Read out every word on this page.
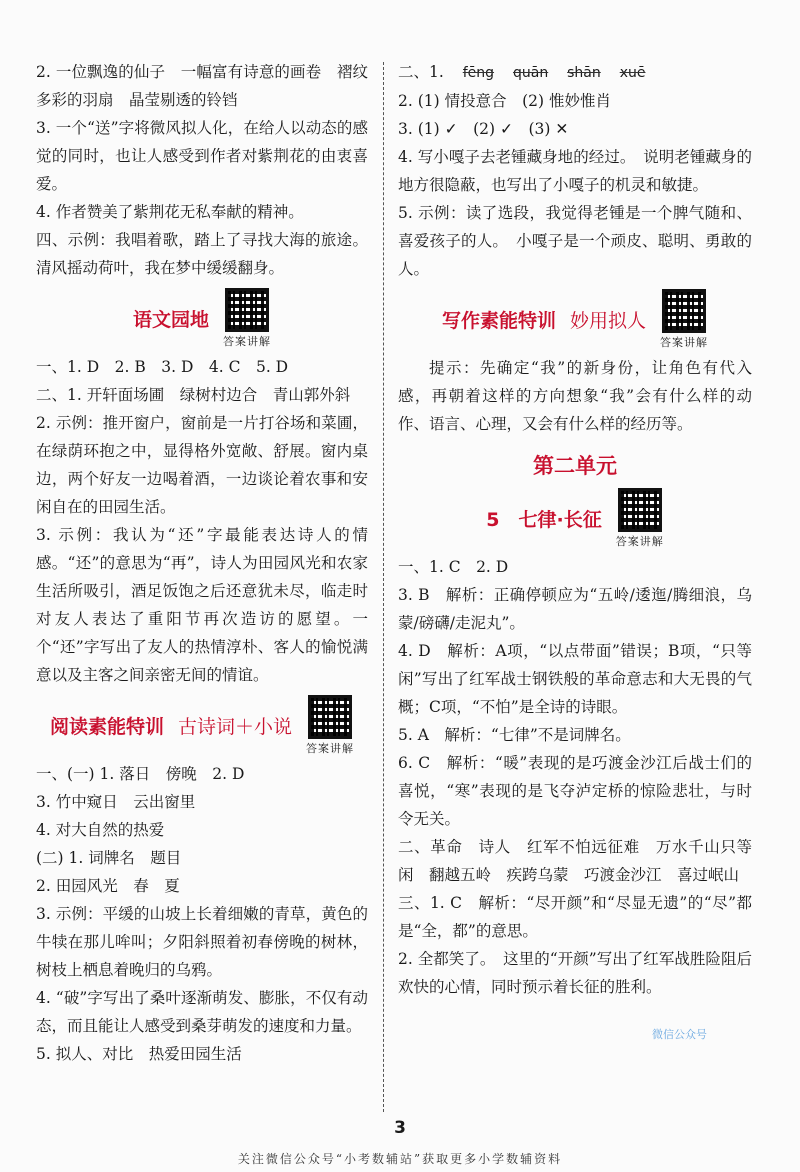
2. 一位飘逸的仙子　一幅富有诗意的画卷　褶纹多彩的羽扇　晶莹剔透的铃铛

3. 一个“送”字将微风拟人化，在给人以动态的感觉的同时，也让人感受到作者对紫荆花的由衷喜爱。

4. 作者赞美了紫荆花无私奉献的精神。

四、示例：我唱着歌，踏上了寻找大海的旅途。清风摇动荷叶，我在梦中缓缓翻身。

语文园地
答案讲解

一、1. D　2. B　3. D　4. C　5. D

二、1. 开轩面场圃　绿树村边合　青山郭外斜

2. 示例：推开窗户，窗前是一片打谷场和菜圃，在绿荫环抱之中，显得格外宽敞、舒展。窗内桌边，两个好友一边喝着酒，一边谈论着农事和安闲自在的田园生活。

3. 示例：我认为“还”字最能表达诗人的情感。“还”的意思为“再”，诗人为田园风光和农家生活所吸引，酒足饭饱之后还意犹未尽，临走时对友人表达了重阳节再次造访的愿望。一个“还”字写出了友人的热情淳朴、客人的愉悦满意以及主客之间亲密无间的情谊。

阅读素能特训 古诗词＋小说
答案讲解

一、(一) 1. 落日　傍晚　2. D

3. 竹中窥日　云出窗里

4. 对大自然的热爱

(二) 1. 词牌名　题目

2. 田园风光　春　夏

3. 示例：平缓的山坡上长着细嫩的青草，黄色的牛犊在那儿哞叫；夕阳斜照着初春傍晚的树林，树枝上栖息着晚归的乌鸦。

4. “破”字写出了桑叶逐渐萌发、膨胀，不仅有动态，而且能让人感受到桑芽萌发的速度和力量。

5. 拟人、对比　热爱田园生活

二、1. fēng quān shān xuē

2. (1) 情投意合　(2) 惟妙惟肖

3. (1) ✓　(2) ✓　(3) ✕

4. 写小嘎子去老锺藏身地的经过。　说明老锺藏身的地方很隐蔽，也写出了小嘎子的机灵和敏捷。

5. 示例：读了选段，我觉得老锺是一个脾气随和、喜爱孩子的人。　小嘎子是一个顽皮、聪明、勇敢的人。

写作素能特训 妙用拟人
答案讲解

提示：先确定“我”的新身份，让角色有代入感，再朝着这样的方向想象“我”会有什么样的动作、语言、心理，又会有什么样的经历等。

第二单元
5　七律·长征
答案讲解

一、1. C　2. D

3. B　解析：正确停顿应为“五岭/逶迤/腾细浪，乌蒙/磅礴/走泥丸”。

4. D　解析：A项，“以点带面”错误；B项，“只等闲”写出了红军战士钢铁般的革命意志和大无畏的气概；C项，“不怕”是全诗的诗眼。

5. A　解析：“七律”不是词牌名。

6. C　解析：“暖”表现的是巧渡金沙江后战士们的喜悦，“寒”表现的是飞夺泸定桥的惊险悲壮，与时令无关。

二、革命　诗人　红军不怕远征难　万水千山只等闲　翻越五岭　疾跨乌蒙　巧渡金沙江　喜过岷山

三、1. C　解析：“尽开颜”和“尽显无遗”的“尽”都是“全，都”的意思。

2. 全都笑了。　这里的“开颜”写出了红军战胜险阻后欢快的心情，同时预示着长征的胜利。

微信公众号
3
关注微信公众号“小考数辅站”获取更多小学数辅资料
